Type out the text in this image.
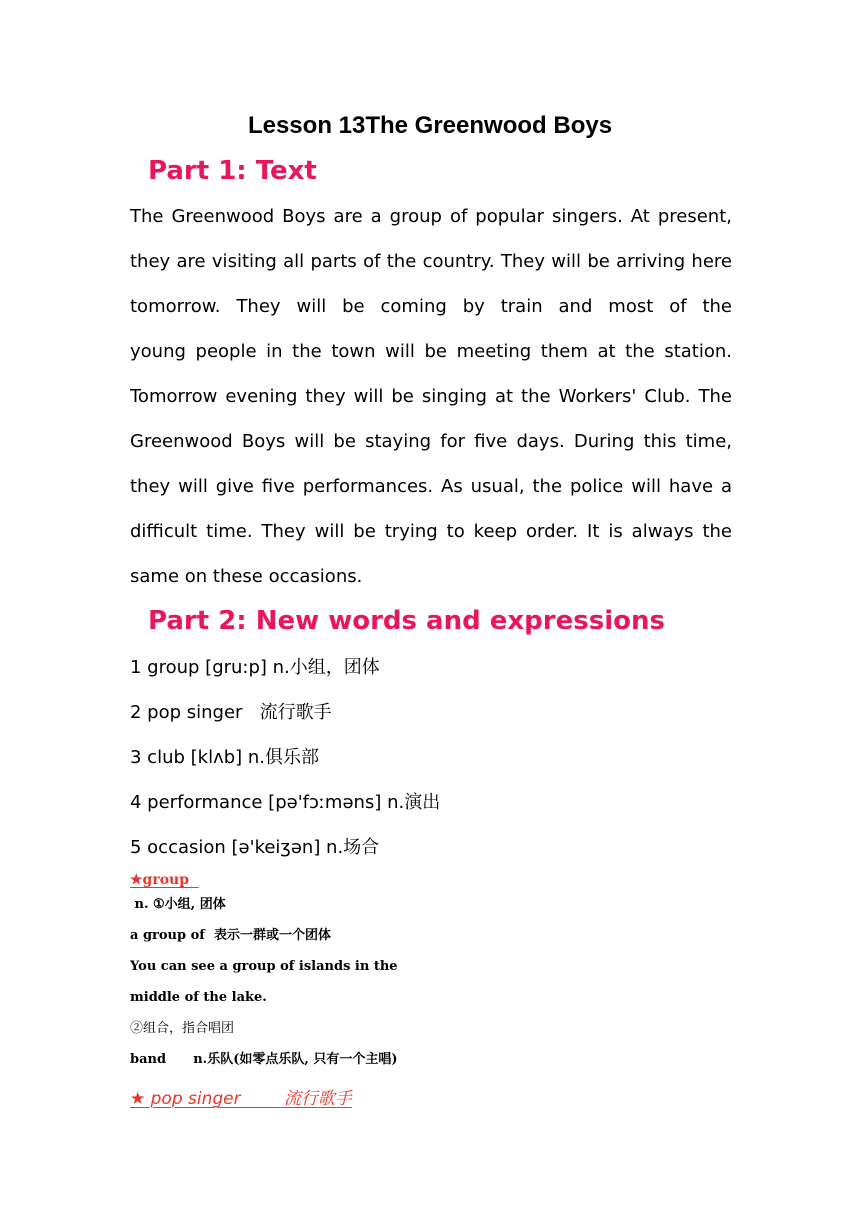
Lesson 13The Greenwood Boys
Part 1: Text
The Greenwood Boys are a group of popular singers. At present,
they are visiting all parts of the country. They will be arriving here
tomorrow. They will be coming by train and most of the
young people in the town will be meeting them at the station.
Tomorrow evening they will be singing at the Workers' Club. The
Greenwood Boys will be staying for five days. During this time,
they will give five performances. As usual, the police will have a
difficult time. They will be trying to keep order. It is always the
same on these occasions.
Part 2: New words and expressions
1 group [gru:p] n.小组，团体
2 pop singer   流行歌手
3 club [klʌb] n.俱乐部
4 performance [pə'fɔːməns] n.演出
5 occasion [ə'keiʒən] n.场合
★group
n. ①小组, 团体
a group of  表示一群或一个团体
You can see a group of islands in the
middle of the lake.
②组合，指合唱团
band      n.乐队(如零点乐队, 只有一个主唱)
★ pop singer        流行歌手
